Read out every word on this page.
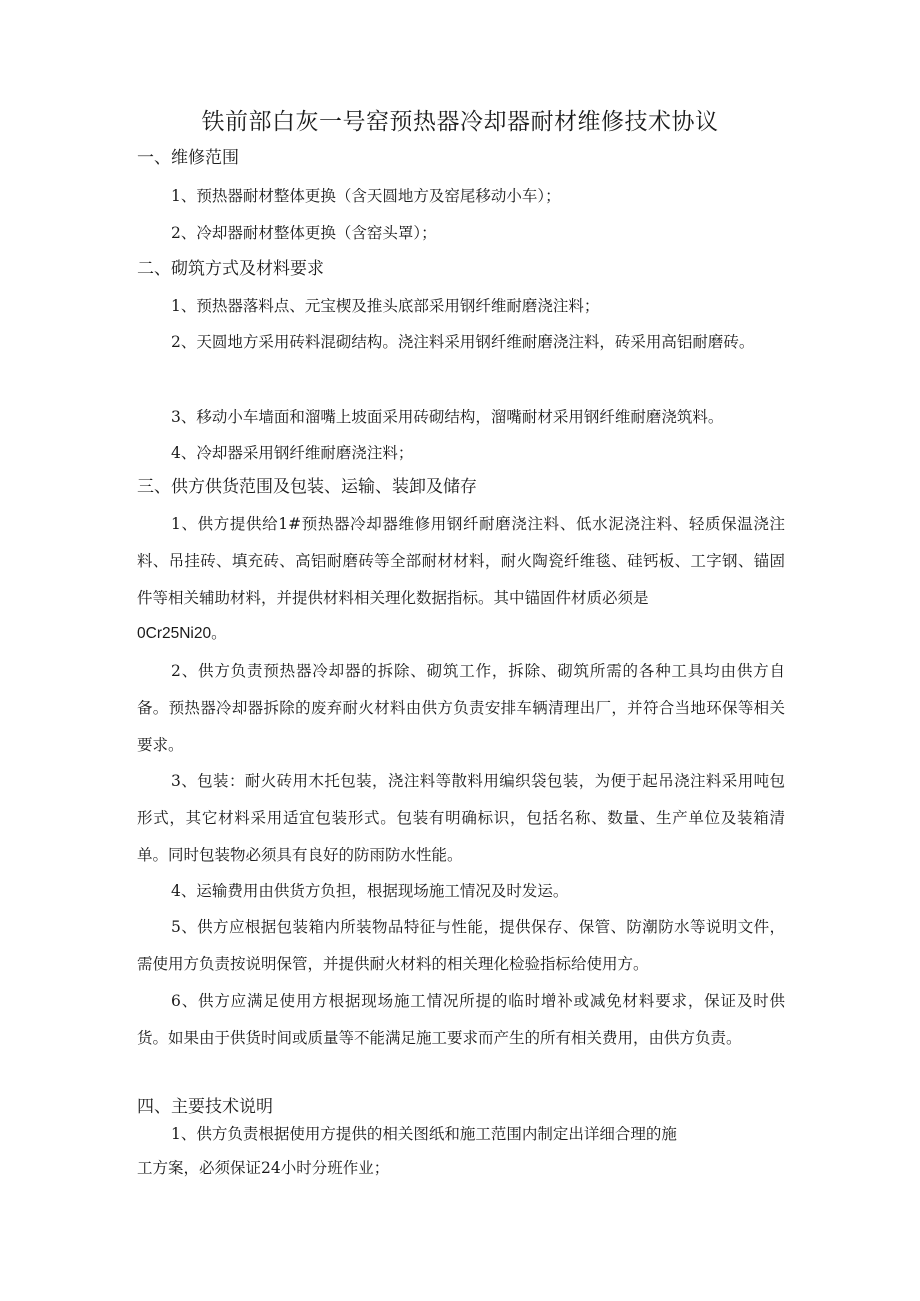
铁前部白灰一号窑预热器冷却器耐材维修技术协议
一、维修范围
1、预热器耐材整体更换（含天圆地方及窑尾移动小车）；
2、冷却器耐材整体更换（含窑头罩）；
二、砌筑方式及材料要求
1、预热器落料点、元宝楔及推头底部采用钢纤维耐磨浇注料；
2、天圆地方采用砖料混砌结构。浇注料采用钢纤维耐磨浇注料，砖采用高铝耐磨砖。
3、移动小车墙面和溜嘴上坡面采用砖砌结构，溜嘴耐材采用钢纤维耐磨浇筑料。
4、冷却器采用钢纤维耐磨浇注料；
三、供方供货范围及包装、运输、装卸及储存
1、供方提供给1#预热器冷却器维修用钢纤耐磨浇注料、低水泥浇注料、轻质保温浇注料、吊挂砖、填充砖、高铝耐磨砖等全部耐材材料，耐火陶瓷纤维毯、硅钙板、工字钢、锚固件等相关辅助材料，并提供材料相关理化数据指标。其中锚固件材质必须是
0Cr25Ni20。
2、供方负责预热器冷却器的拆除、砌筑工作，拆除、砌筑所需的各种工具均由供方自备。预热器冷却器拆除的废弃耐火材料由供方负责安排车辆清理出厂，并符合当地环保等相关要求。
3、包装：耐火砖用木托包装，浇注料等散料用编织袋包装，为便于起吊浇注料采用吨包形式，其它材料采用适宜包装形式。包装有明确标识，包括名称、数量、生产单位及装箱清单。同时包装物必须具有良好的防雨防水性能。
4、运输费用由供货方负担，根据现场施工情况及时发运。
5、供方应根据包装箱内所装物品特征与性能，提供保存、保管、防潮防水等说明文件，需使用方负责按说明保管，并提供耐火材料的相关理化检验指标给使用方。
6、供方应满足使用方根据现场施工情况所提的临时增补或减免材料要求，保证及时供货。如果由于供货时间或质量等不能满足施工要求而产生的所有相关费用，由供方负责。
四、主要技术说明
1、供方负责根据使用方提供的相关图纸和施工范围内制定出详细合理的施
工方案，必须保证24小时分班作业；
